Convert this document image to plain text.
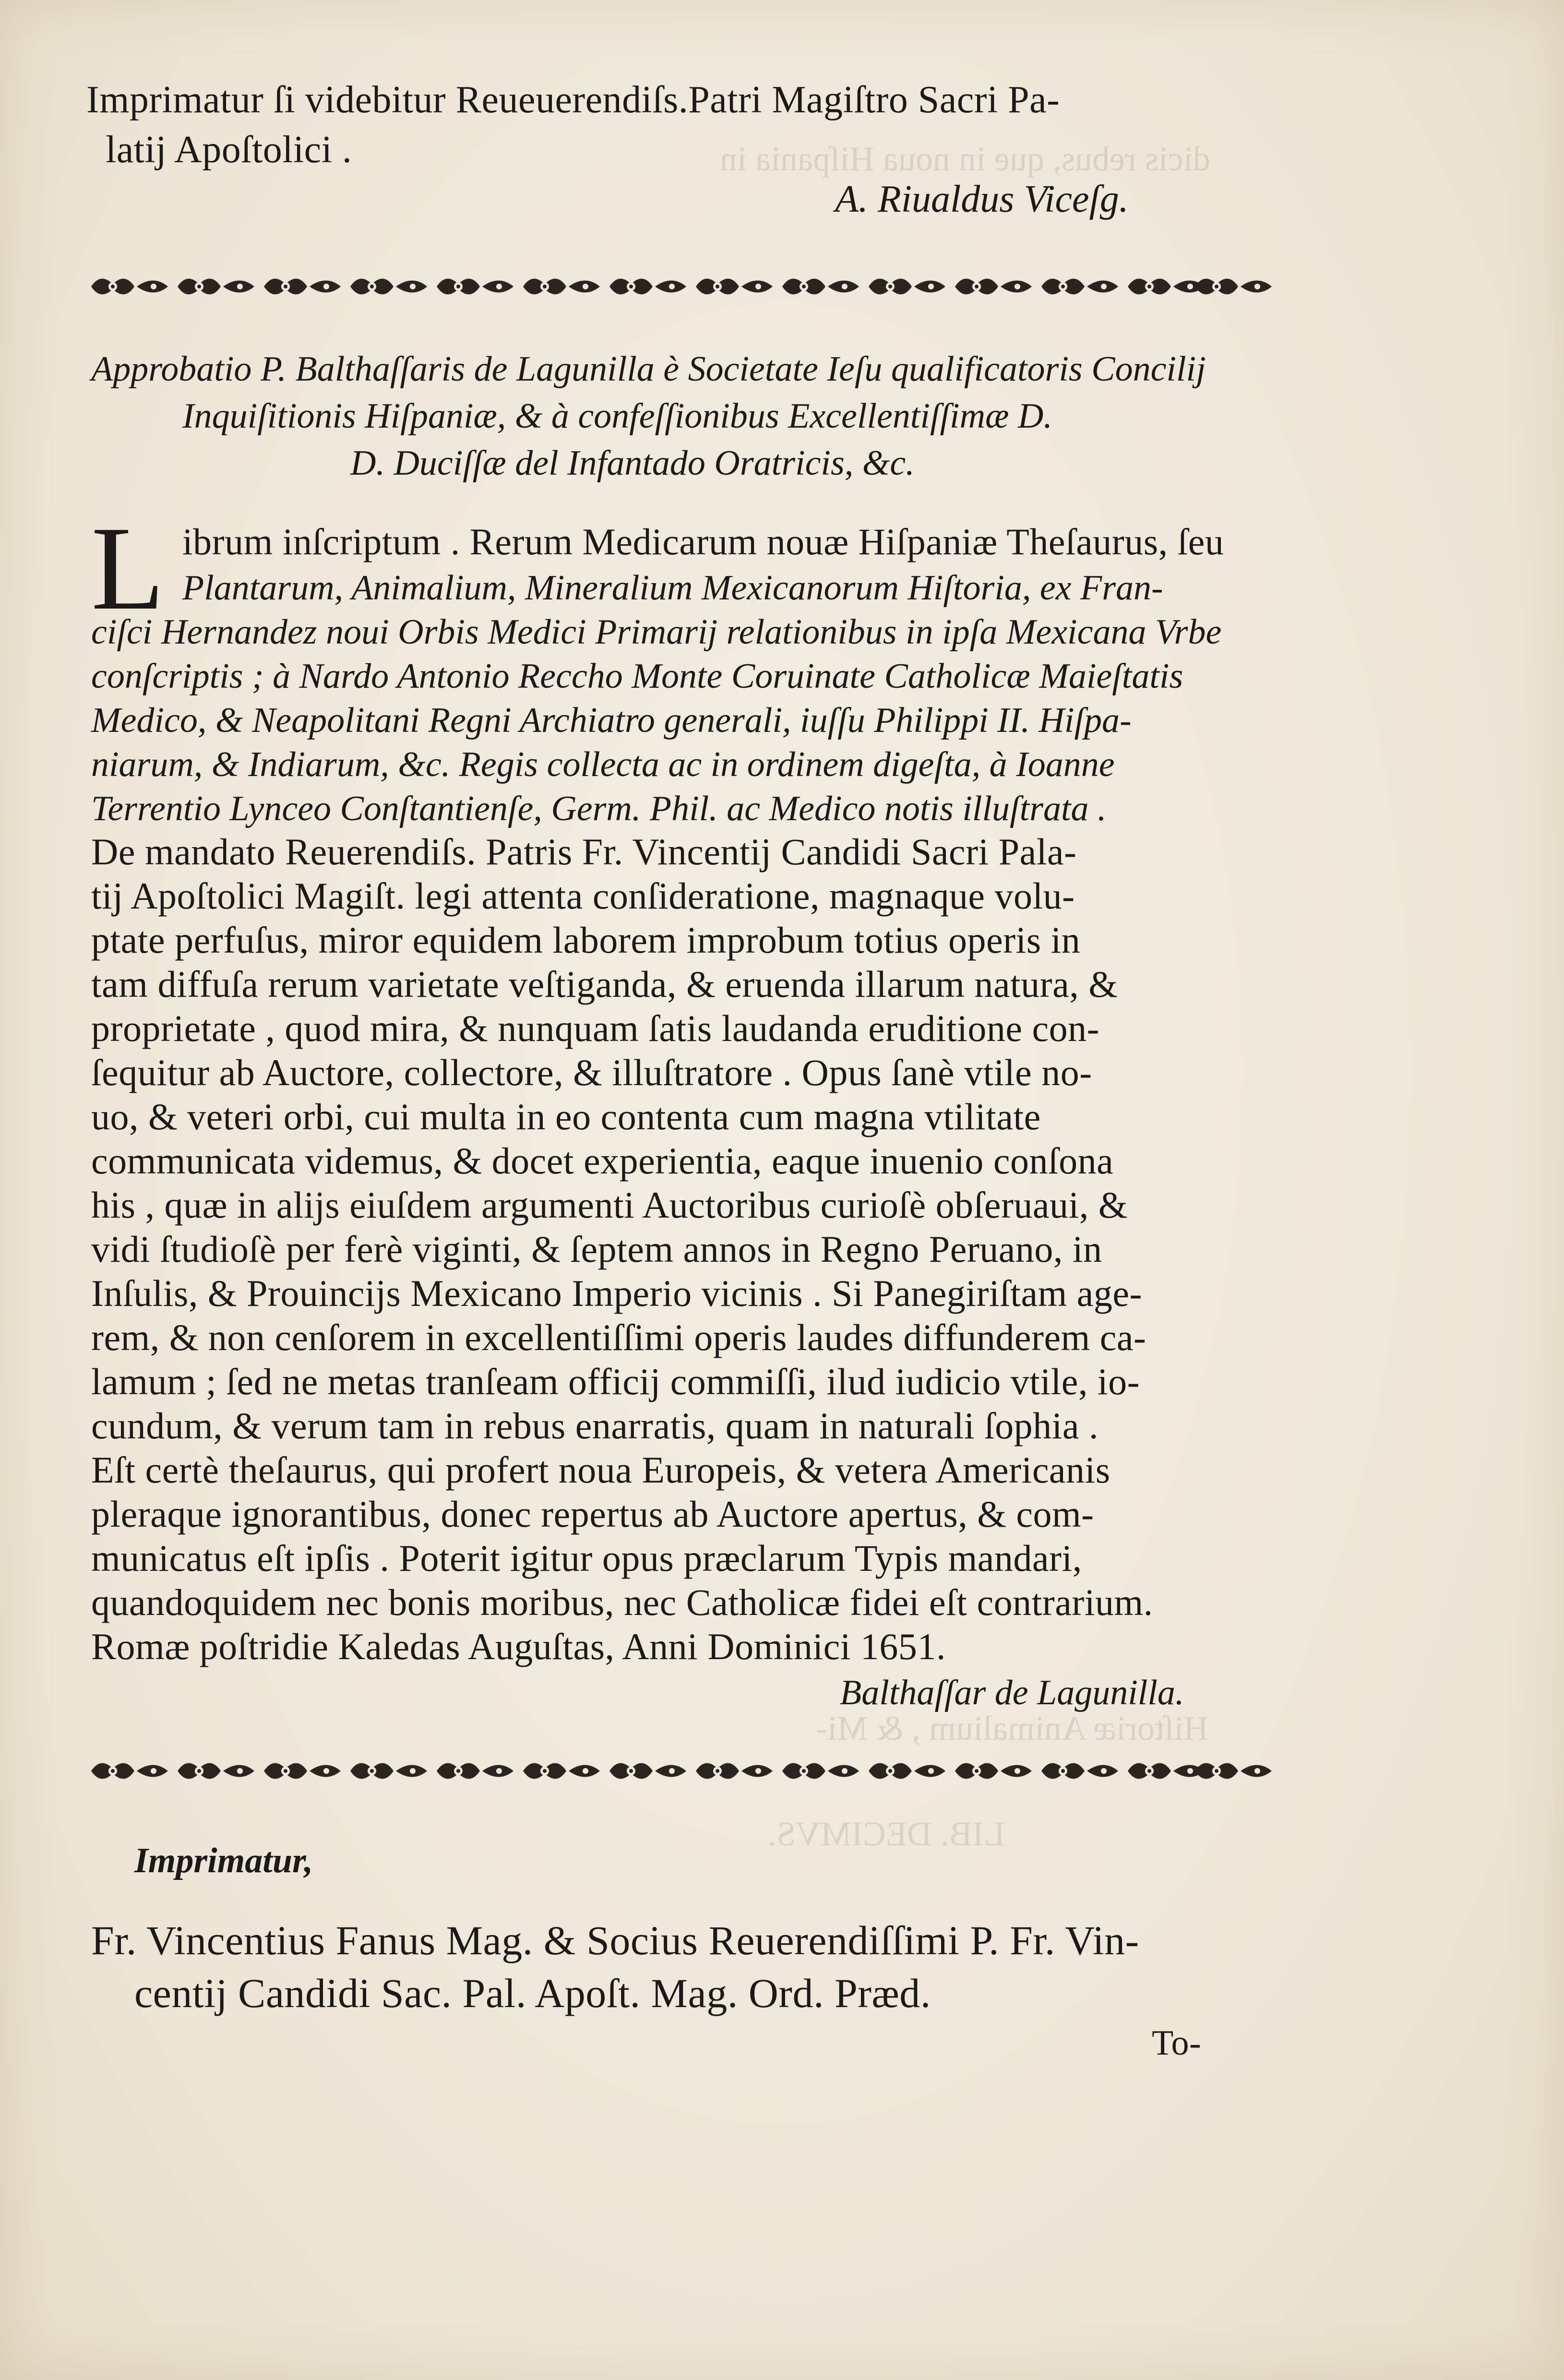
dicis rebus, que in noua Hiſpania in
Hiſtoriæ Animalium , & Mi-
LIB. DECIMVS.
Imprimatur ſi videbitur Reueuerendiſs.Patri Magiſtro Sacri Pa-
latij Apoſtolici .
A. Riualdus Viceſg.
Approbatio P. Balthaſſaris de Lagunilla è Societate Ieſu qualificatoris Concilij
Inquiſitionis Hiſpaniæ, & à confeſſionibus Excellentiſſimæ D.
D. Duciſſæ del Infantado Oratricis, &c.
L ibrum inſcriptum . Rerum Medicarum nouæ Hiſpaniæ Theſaurus, ſeu
Plantarum, Animalium, Mineralium Mexicanorum Hiſtoria, ex Fran-
ciſci Hernandez noui Orbis Medici Primarij relationibus in ipſa Mexicana Vrbe
conſcriptis ; à Nardo Antonio Reccho Monte Coruinate Catholicæ Maieſtatis
Medico, & Neapolitani Regni Archiatro generali, iuſſu Philippi II. Hiſpa-
niarum, & Indiarum, &c. Regis collecta ac in ordinem digeſta, à Ioanne
Terrentio Lynceo Conſtantienſe, Germ. Phil. ac Medico notis illuſtrata .
De mandato Reuerendiſs. Patris Fr. Vincentij Candidi Sacri Pala-
tij Apoſtolici Magiſt. legi attenta conſideratione, magnaque volu-
ptate perfuſus, miror equidem laborem improbum totius operis in
tam diffuſa rerum varietate veſtiganda, & eruenda illarum natura, &
proprietate , quod mira, & nunquam ſatis laudanda eruditione con-
ſequitur ab Auctore, collectore, & illuſtratore . Opus ſanè vtile no-
uo, & veteri orbi, cui multa in eo contenta cum magna vtilitate
communicata videmus, & docet experientia, eaque inuenio conſona
his , quæ in alijs eiuſdem argumenti Auctoribus curioſè obſeruaui, &
vidi ſtudioſè per ferè viginti, & ſeptem annos in Regno Peruano, in
Inſulis, & Prouincijs Mexicano Imperio vicinis . Si Panegiriſtam age-
rem, & non cenſorem in excellentiſſimi operis laudes diffunderem ca-
lamum ; ſed ne metas tranſeam officij commiſſi, ilud iudicio vtile, io-
cundum, & verum tam in rebus enarratis, quam in naturali ſophia .
Eſt certè theſaurus, qui profert noua Europeis, & vetera Americanis
pleraque ignorantibus, donec repertus ab Auctore apertus, & com-
municatus eſt ipſis . Poterit igitur opus præclarum Typis mandari,
quandoquidem nec bonis moribus, nec Catholicæ fidei eſt contrarium.
Romæ poſtridie Kaledas Auguſtas, Anni Dominici 1651.
Balthaſſar de Lagunilla.
Imprimatur,
Fr. Vincentius Fanus Mag. & Socius Reuerendiſſimi P. Fr. Vin-
centij Candidi Sac. Pal. Apoſt. Mag. Ord. Præd.
To-
